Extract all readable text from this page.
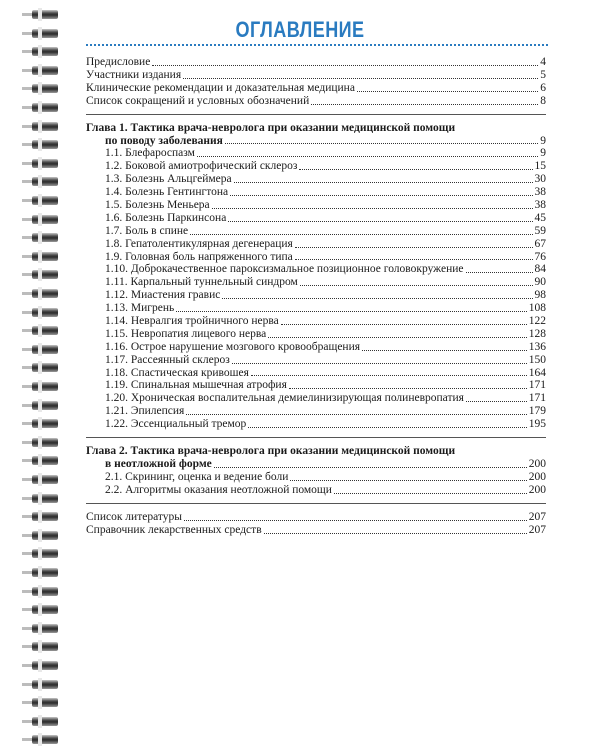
ОГЛАВЛЕНИЕ
Предисловие	4
Участники издания	5
Клинические рекомендации и доказательная медицина	6
Список сокращений и условных обозначений	8
Глава 1. Тактика врача-невролога при оказании медицинской помощи
по поводу заболевания	9
1.1. Блефароспазм	9
1.2. Боковой амиотрофический склероз	15
1.3. Болезнь Альцгеймера	30
1.4. Болезнь Гентингтона	38
1.5. Болезнь Меньера	38
1.6. Болезнь Паркинсона	45
1.7. Боль в спине	59
1.8. Гепатолентикулярная дегенерация	67
1.9. Головная боль напряженного типа	76
1.10. Доброкачественное пароксизмальное позиционное головокружение	84
1.11. Карпальный туннельный синдром	90
1.12. Миастения гравис	98
1.13. Мигрень	108
1.14. Невралгия тройничного нерва	122
1.15. Невропатия лицевого нерва	128
1.16. Острое нарушение мозгового кровообращения	136
1.17. Рассеянный склероз	150
1.18. Спастическая кривошея	164
1.19. Спинальная мышечная атрофия	171
1.20. Хроническая воспалительная демиелинизирующая полиневропатия	171
1.21. Эпилепсия	179
1.22. Эссенциальный тремор	195
Глава 2. Тактика врача-невролога при оказании медицинской помощи
в неотложной форме	200
2.1. Скрининг, оценка и ведение боли	200
2.2. Алгоритмы оказания неотложной помощи	200
Список литературы	207
Справочник лекарственных средств	207
